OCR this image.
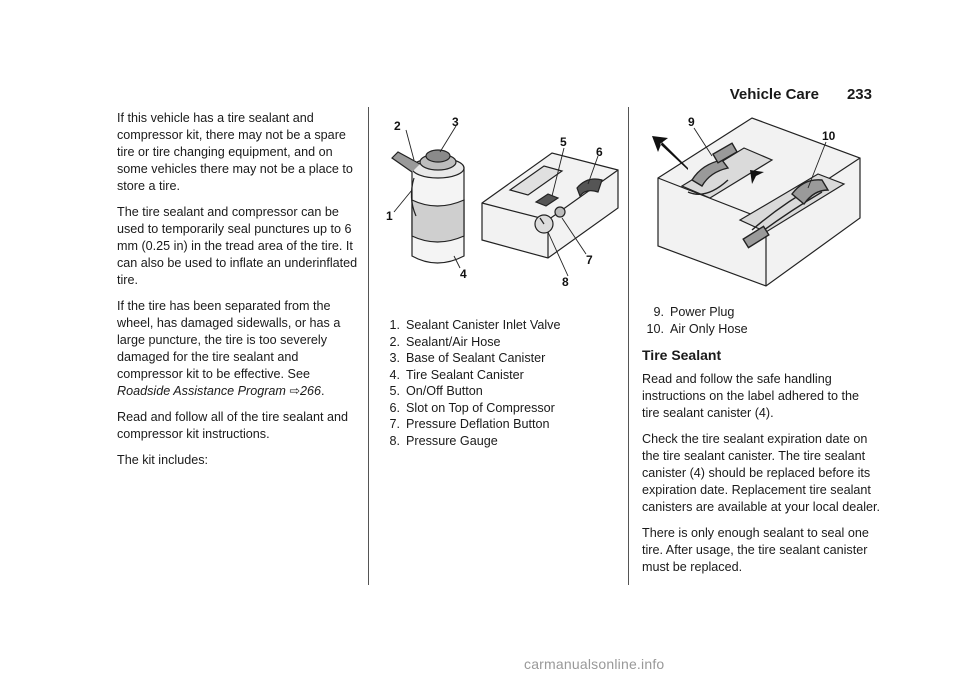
Vehicle Care 233

If this vehicle has a tire sealant and compressor kit, there may not be a spare tire or tire changing equipment, and on some vehicles there may not be a place to store a tire.

The tire sealant and compressor can be used to temporarily seal punctures up to 6 mm (0.25 in) in the tread area of the tire. It can also be used to inflate an underinflated tire.

If the tire has been separated from the wheel, has damaged sidewalls, or has a large puncture, the tire is too severely damaged for the tire sealant and compressor kit to be effective. See Roadside Assistance Program ⇨266.

Read and follow all of the tire sealant and compressor kit instructions.

The kit includes:

1
2	3
4
5
6
7
8
1. Sealant Canister Inlet Valve
2. Sealant/Air Hose
3. Base of Sealant Canister
4. Tire Sealant Canister
5. On/Off Button
6. Slot on Top of Compressor
7. Pressure Deflation Button
8. Pressure Gauge
9
10
9. Power Plug
10. Air Only Hose
Tire Sealant

Read and follow the safe handling instructions on the label adhered to the tire sealant canister (4).

Check the tire sealant expiration date on the tire sealant canister. The tire sealant canister (4) should be replaced before its expiration date. Replacement tire sealant canisters are available at your local dealer.

There is only enough sealant to seal one tire. After usage, the tire sealant canister must be replaced.

carmanualsonline.info
